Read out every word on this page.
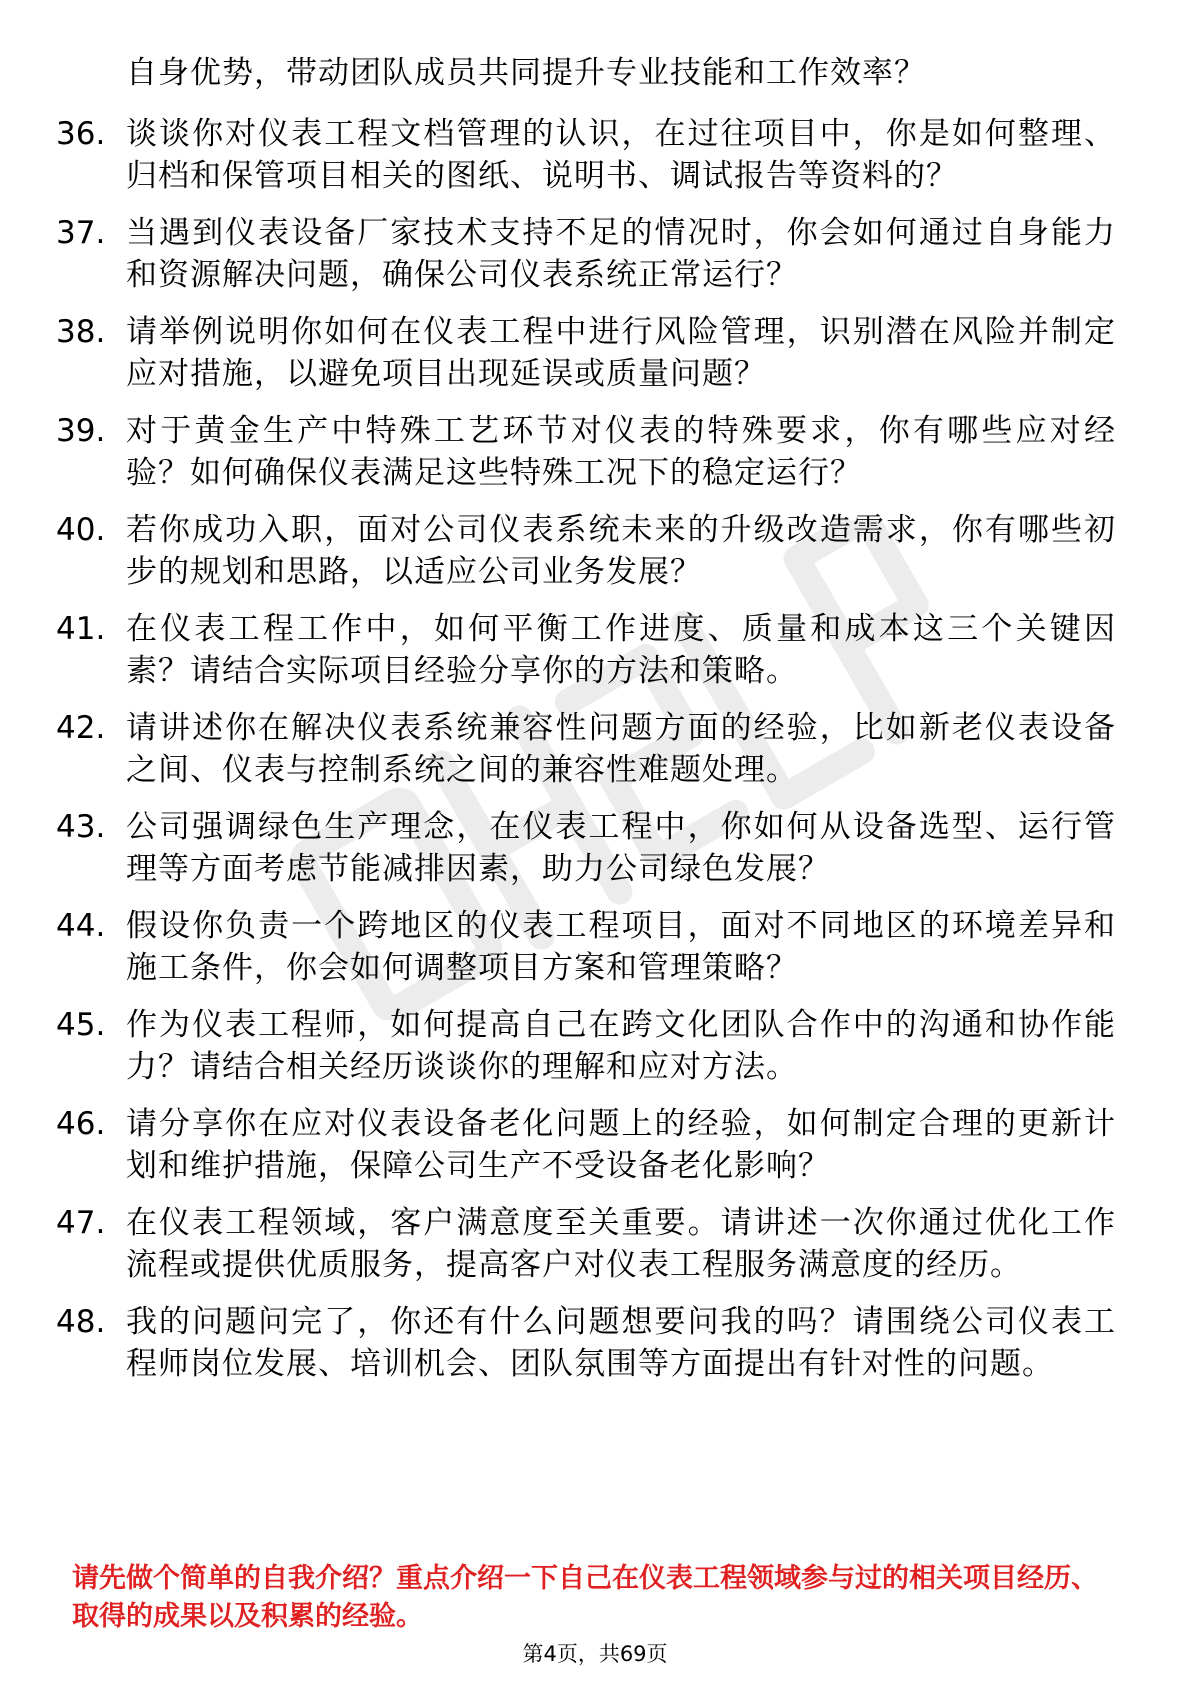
自身优势，带动团队成员共同提升专业技能和工作效率？

36. 谈谈你对仪表工程文档管理的认识，在过往项目中，你是如何整理、归档和保管项目相关的图纸、说明书、调试报告等资料的？
37. 当遇到仪表设备厂家技术支持不足的情况时，你会如何通过自身能力和资源解决问题，确保公司仪表系统正常运行？
38. 请举例说明你如何在仪表工程中进行风险管理，识别潜在风险并制定应对措施，以避免项目出现延误或质量问题？
39. 对于黄金生产中特殊工艺环节对仪表的特殊要求，你有哪些应对经验？如何确保仪表满足这些特殊工况下的稳定运行？
40. 若你成功入职，面对公司仪表系统未来的升级改造需求，你有哪些初步的规划和思路，以适应公司业务发展？
41. 在仪表工程工作中，如何平衡工作进度、质量和成本这三个关键因素？请结合实际项目经验分享你的方法和策略。
42. 请讲述你在解决仪表系统兼容性问题方面的经验，比如新老仪表设备之间、仪表与控制系统之间的兼容性难题处理。
43. 公司强调绿色生产理念，在仪表工程中，你如何从设备选型、运行管理等方面考虑节能减排因素，助力公司绿色发展？
44. 假设你负责一个跨地区的仪表工程项目，面对不同地区的环境差异和施工条件，你会如何调整项目方案和管理策略？
45. 作为仪表工程师，如何提高自己在跨文化团队合作中的沟通和协作能力？请结合相关经历谈谈你的理解和应对方法。
46. 请分享你在应对仪表设备老化问题上的经验，如何制定合理的更新计划和维护措施，保障公司生产不受设备老化影响？
47. 在仪表工程领域，客户满意度至关重要。请讲述一次你通过优化工作流程或提供优质服务，提高客户对仪表工程服务满意度的经历。
48. 我的问题问完了，你还有什么问题想要问我的吗？请围绕公司仪表工程师岗位发展、培训机会、团队氛围等方面提出有针对性的问题。

请先做个简单的自我介绍？重点介绍一下自己在仪表工程领域参与过的相关项目经历、取得的成果以及积累的经验。

第4页，共69页
